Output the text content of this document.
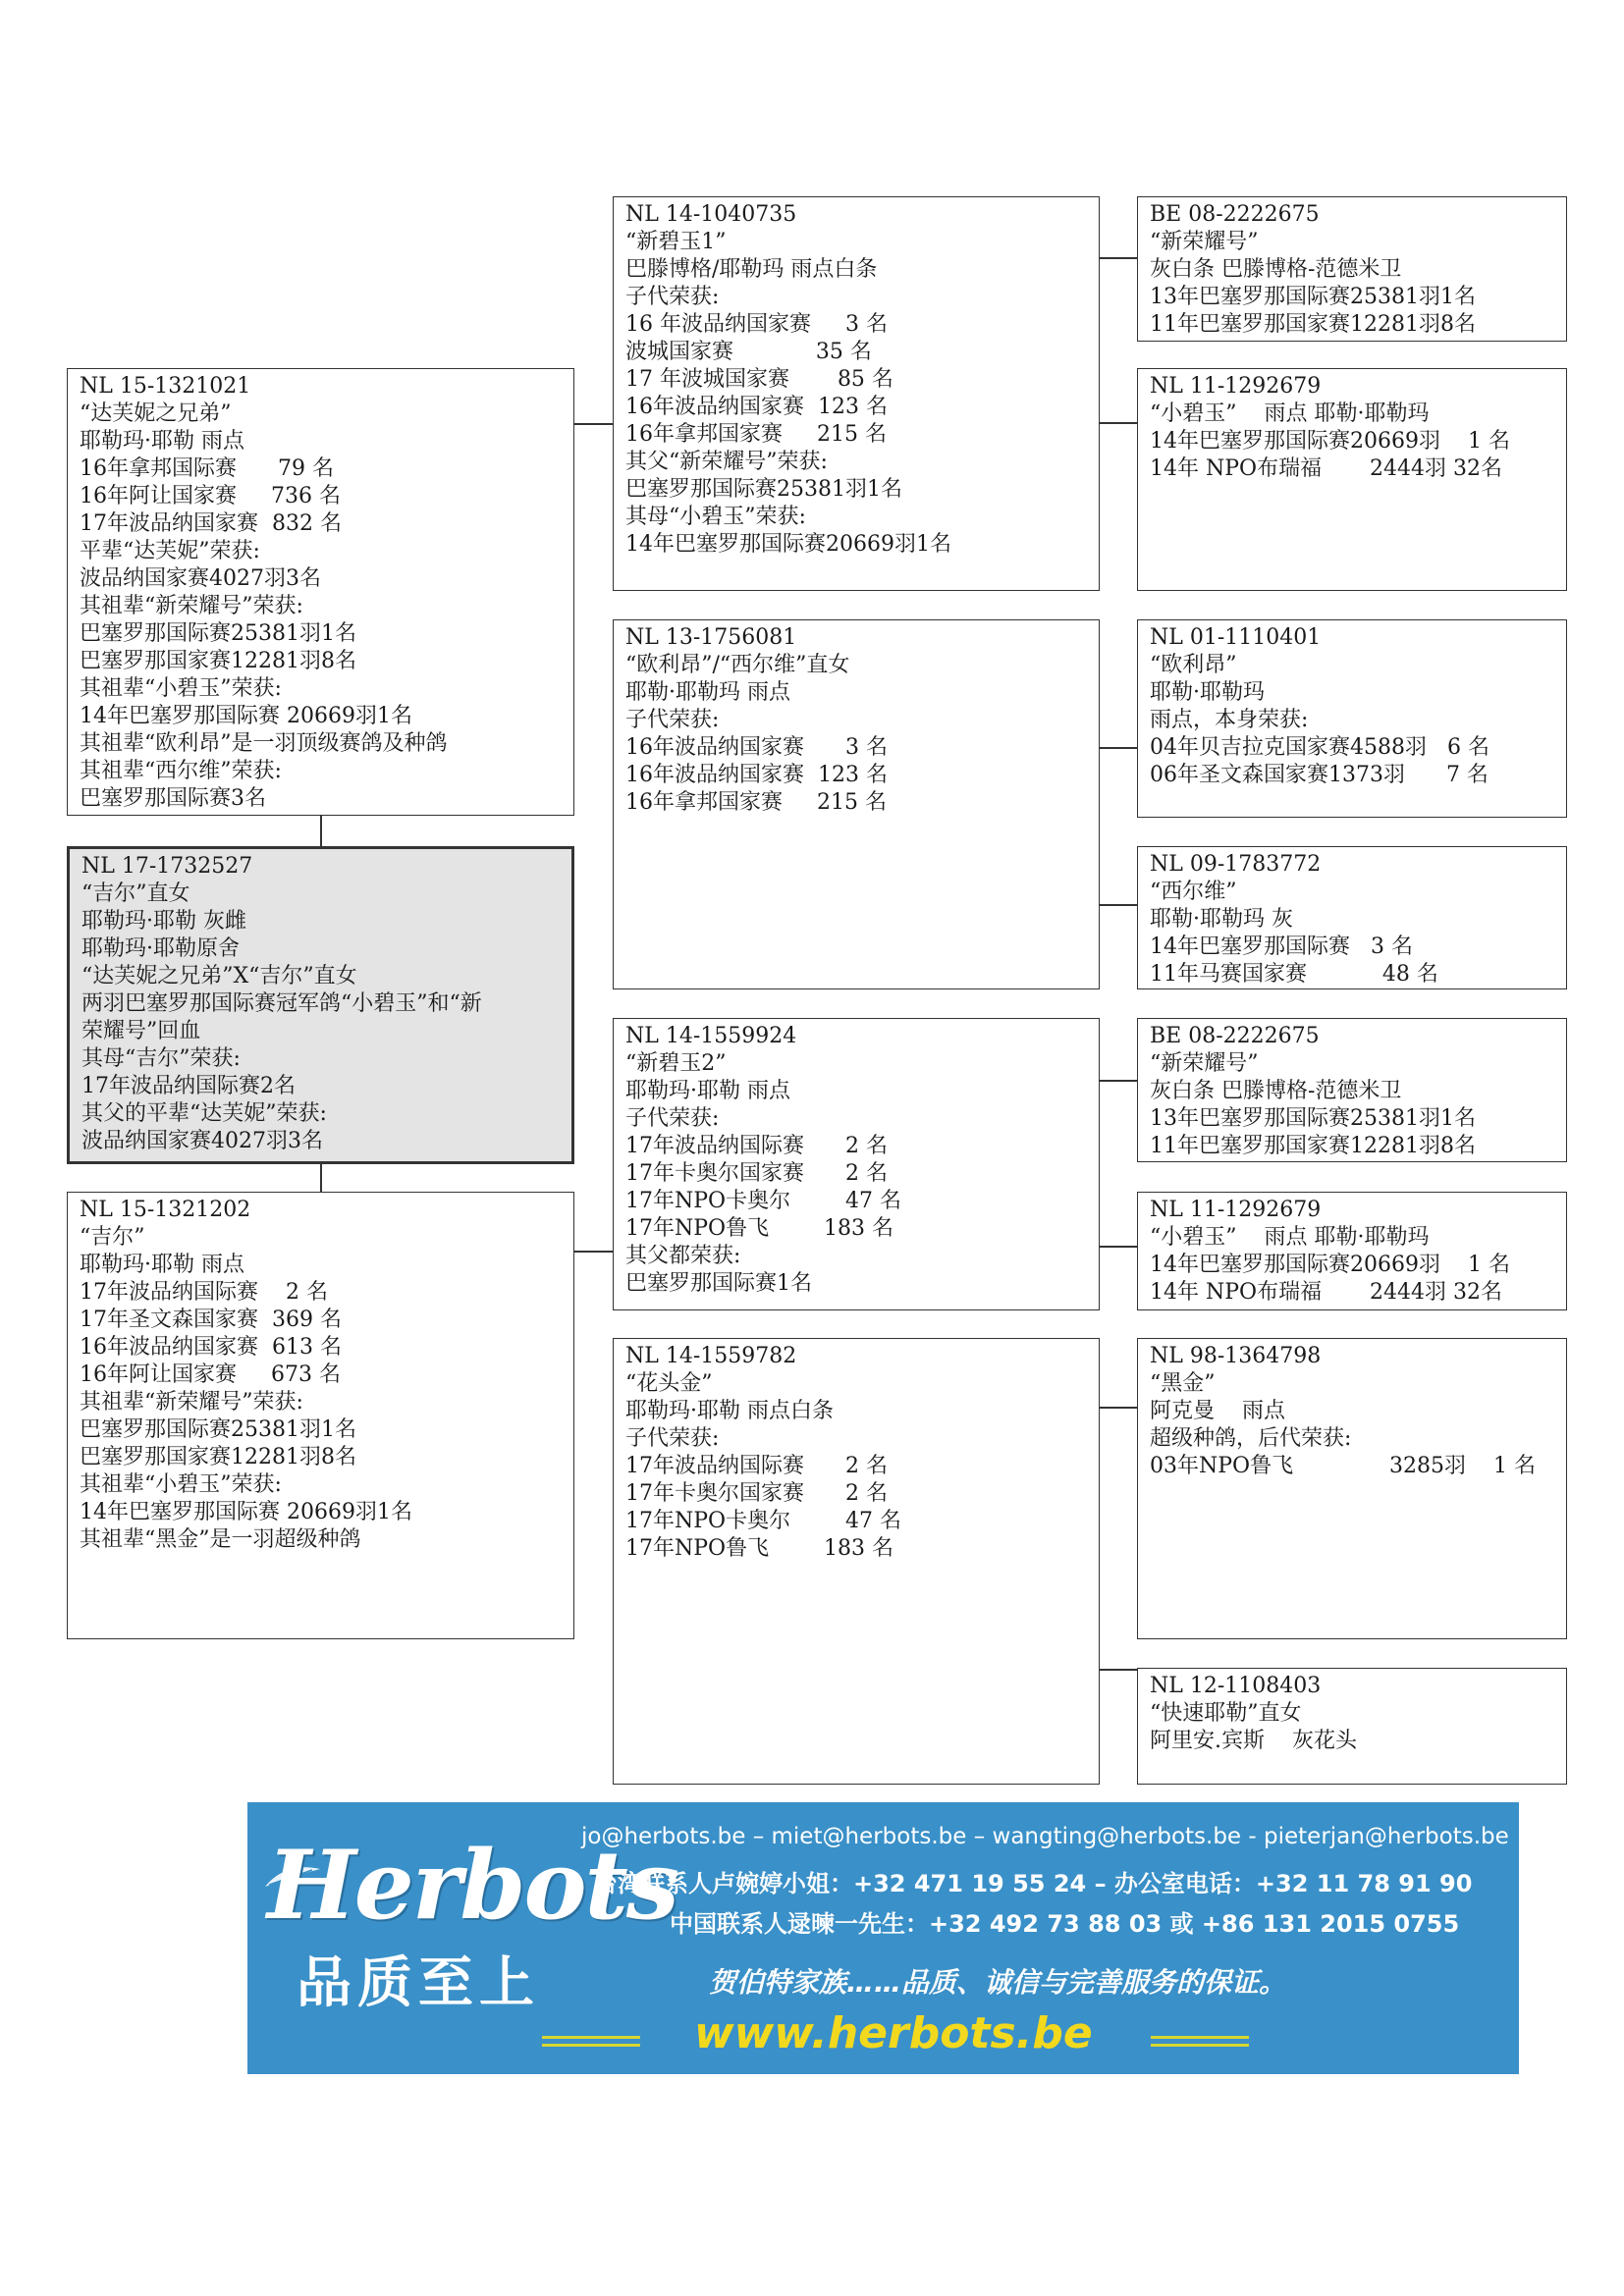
NL 15-1321021
“达芙妮之兄弟”
耶勒玛·耶勒 雨点
16年拿邦国际赛      79 名
16年阿让国家赛     736 名
17年波品纳国家赛  832 名
平辈“达芙妮”荣获:
波品纳国家赛4027羽3名
其祖辈“新荣耀号”荣获:
巴塞罗那国际赛25381羽1名
巴塞罗那国家赛12281羽8名
其祖辈“小碧玉”荣获:
14年巴塞罗那国际赛 20669羽1名
其祖辈“欧利昂”是一羽顶级赛鸽及种鸽
其祖辈“西尔维”荣获:
巴塞罗那国际赛3名
NL 17-1732527
“吉尔”直女
耶勒玛·耶勒 灰雌
耶勒玛·耶勒原舍
“达芙妮之兄弟”X“吉尔”直女
两羽巴塞罗那国际赛冠军鸽“小碧玉”和“新
荣耀号”回血
其母“吉尔”荣获:
17年波品纳国际赛2名
其父的平辈“达芙妮”荣获:
波品纳国家赛4027羽3名
NL 15-1321202
“吉尔”
耶勒玛·耶勒 雨点
17年波品纳国际赛    2 名
17年圣文森国家赛  369 名
16年波品纳国家赛  613 名
16年阿让国家赛     673 名
其祖辈“新荣耀号”荣获:
巴塞罗那国际赛25381羽1名
巴塞罗那国家赛12281羽8名
其祖辈“小碧玉”荣获:
14年巴塞罗那国际赛 20669羽1名
其祖辈“黑金”是一羽超级种鸽
NL 14-1040735
“新碧玉1”
巴滕博格/耶勒玛 雨点白条
子代荣获:
16 年波品纳国家赛     3 名
波城国家赛            35 名
17 年波城国家赛       85 名
16年波品纳国家赛  123 名
16年拿邦国家赛     215 名
其父“新荣耀号”荣获:
巴塞罗那国际赛25381羽1名
其母“小碧玉”荣获:
14年巴塞罗那国际赛20669羽1名
NL 13-1756081
“欧利昂”/“西尔维”直女
耶勒·耶勒玛 雨点
子代荣获:
16年波品纳国家赛      3 名
16年波品纳国家赛  123 名
16年拿邦国家赛     215 名
NL 14-1559924
“新碧玉2”
耶勒玛·耶勒 雨点
子代荣获:
17年波品纳国际赛      2 名
17年卡奥尔国家赛      2 名
17年NPO卡奥尔        47 名
17年NPO鲁飞        183 名
其父都荣获:
巴塞罗那国际赛1名
NL 14-1559782
“花头金”
耶勒玛·耶勒 雨点白条
子代荣获:
17年波品纳国际赛      2 名
17年卡奥尔国家赛      2 名
17年NPO卡奥尔        47 名
17年NPO鲁飞        183 名
BE 08-2222675
“新荣耀号”
灰白条 巴滕博格-范德米卫
13年巴塞罗那国际赛25381羽1名
11年巴塞罗那国家赛12281羽8名
NL 11-1292679
“小碧玉”    雨点 耶勒·耶勒玛
14年巴塞罗那国际赛20669羽    1 名
14年 NPO布瑞福       2444羽 32名
NL 01-1110401
“欧利昂”
耶勒·耶勒玛
雨点，本身荣获:
04年贝吉拉克国家赛4588羽   6 名
06年圣文森国家赛1373羽      7 名
NL 09-1783772
“西尔维”
耶勒·耶勒玛 灰
14年巴塞罗那国际赛   3 名
11年马赛国家赛           48 名
BE 08-2222675
“新荣耀号”
灰白条 巴滕博格-范德米卫
13年巴塞罗那国际赛25381羽1名
11年巴塞罗那国家赛12281羽8名
NL 11-1292679
“小碧玉”    雨点 耶勒·耶勒玛
14年巴塞罗那国际赛20669羽    1 名
14年 NPO布瑞福       2444羽 32名
NL 98-1364798
“黑金”
阿克曼    雨点
超级种鸽，后代荣获:
03年NPO鲁飞              3285羽    1 名
NL 12-1108403
“快速耶勒”直女
阿里安.宾斯    灰花头
Herbots
品质至上
jo@herbots.be – miet@herbots.be – wangting@herbots.be - pieterjan@herbots.be
台湾联系人卢婉婷小姐：+32 471 19 55 24 – 办公室电话：+32 11 78 91 90
中国联系人逯暕一先生：+32 492 73 88 03 或 +86 131 2015 0755
贺伯特家族……品质、诚信与完善服务的保证。
www.herbots.be
